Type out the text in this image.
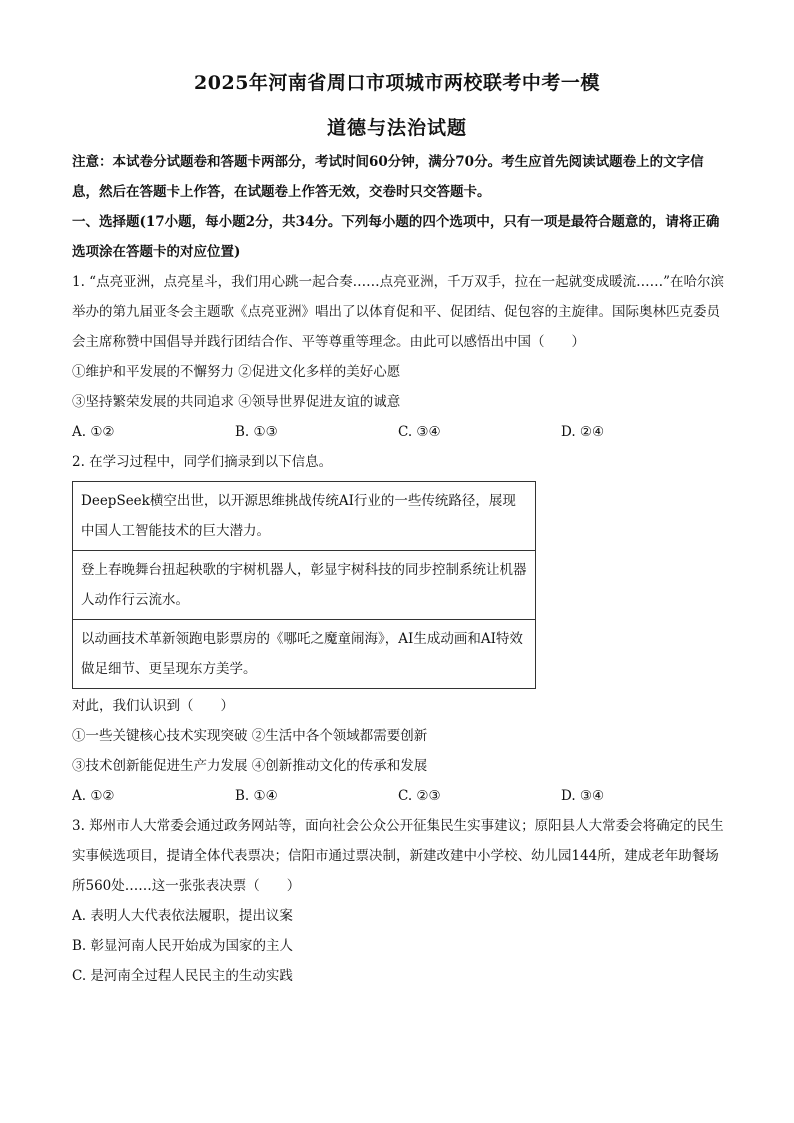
2025年河南省周口市项城市两校联考中考一模
道德与法治试题

注意：本试卷分试题卷和答题卡两部分，考试时间60分钟，满分70分。考生应首先阅读试题卷上的文字信息，然后在答题卡上作答，在试题卷上作答无效，交卷时只交答题卡。

一、选择题(17小题，每小题2分，共34分。下列每小题的四个选项中，只有一项是最符合题意的，请将正确选项涂在答题卡的对应位置)

1. “点亮亚洲，点亮星斗，我们用心跳一起合奏……点亮亚洲，千万双手，拉在一起就变成暖流……”在哈尔滨举办的第九届亚冬会主题歌《点亮亚洲》唱出了以体育促和平、促团结、促包容的主旋律。国际奥林匹克委员会主席称赞中国倡导并践行团结合作、平等尊重等理念。由此可以感悟出中国（　　）

①维护和平发展的不懈努力 ②促进文化多样的美好心愿

③坚持繁荣发展的共同追求 ④领导世界促进友谊的诚意

A. ①②	B. ①③	C. ③④	D. ②④

2. 在学习过程中，同学们摘录到以下信息。

DeepSeek横空出世，以开源思维挑战传统AI行业的一些传统路径，展现中国人工智能技术的巨大潜力。
登上春晚舞台扭起秧歌的宇树机器人，彰显宇树科技的同步控制系统让机器人动作行云流水。
以动画技术革新领跑电影票房的《哪吒之魔童闹海》，AI生成动画和AI特效做足细节、更呈现东方美学。

对此，我们认识到（　　）

①一些关键核心技术实现突破 ②生活中各个领域都需要创新

③技术创新能促进生产力发展 ④创新推动文化的传承和发展

A. ①②	B. ①④	C. ②③	D. ③④

3. 郑州市人大常委会通过政务网站等，面向社会公众公开征集民生实事建议；原阳县人大常委会将确定的民生实事候选项目，提请全体代表票决；信阳市通过票决制，新建改建中小学校、幼儿园144所，建成老年助餐场所560处……这一张张表决票（　　）

A. 表明人大代表依法履职，提出议案

B. 彰显河南人民开始成为国家的主人

C. 是河南全过程人民民主的生动实践
